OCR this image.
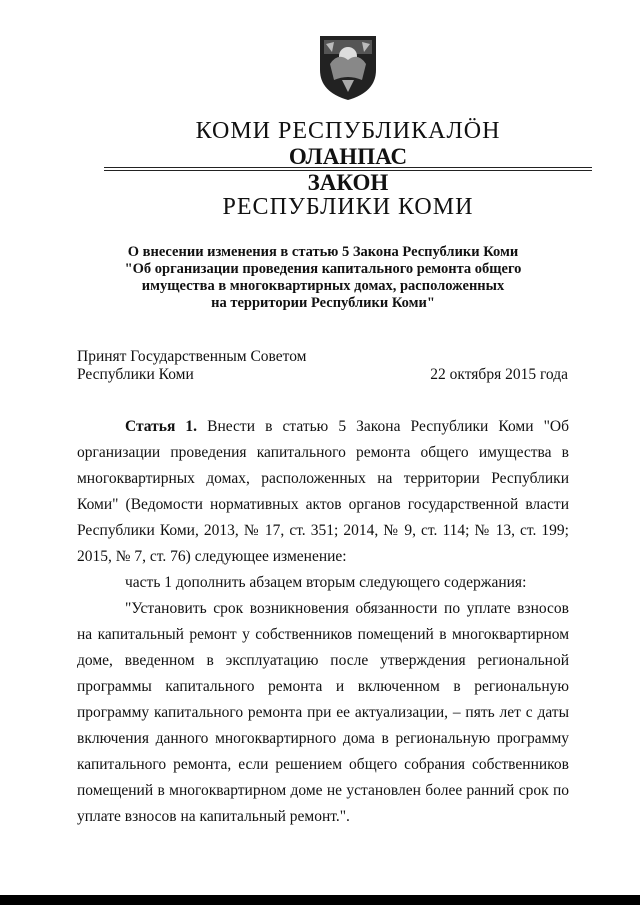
КОМИ РЕСПУБЛИКАЛÖН
ОЛАНПАС
ЗАКОН
РЕСПУБЛИКИ КОМИ
О внесении изменения в статью 5 Закона Республики Коми
"Об организации проведения капитального ремонта общего
имущества в многоквартирных домах, расположенных
на территории Республики Коми"
Принят Государственным Советом
Республики Коми	22 октября 2015 года
Статья 1. Внести в статью 5 Закона Республики Коми "Об организации проведения капитального ремонта общего имущества в многоквартирных домах, расположенных на территории Республики Коми" (Ведомости нормативных актов органов государственной власти Республики Коми, 2013, № 17, ст. 351; 2014, № 9, ст. 114; № 13, ст. 199; 2015, № 7, ст. 76) следующее изменение:
часть 1 дополнить абзацем вторым следующего содержания:
"Установить срок возникновения обязанности по уплате взносов на капитальный ремонт у собственников помещений в многоквартирном доме, введенном в эксплуатацию после утверждения региональной программы капитального ремонта и включенном в региональную программу капитального ремонта при ее актуализации, – пять лет с даты включения данного многоквартирного дома в региональную программу капитального ремонта, если решением общего собрания собственников помещений в многоквартирном доме не установлен более ранний срок по уплате взносов на капитальный ремонт.".
